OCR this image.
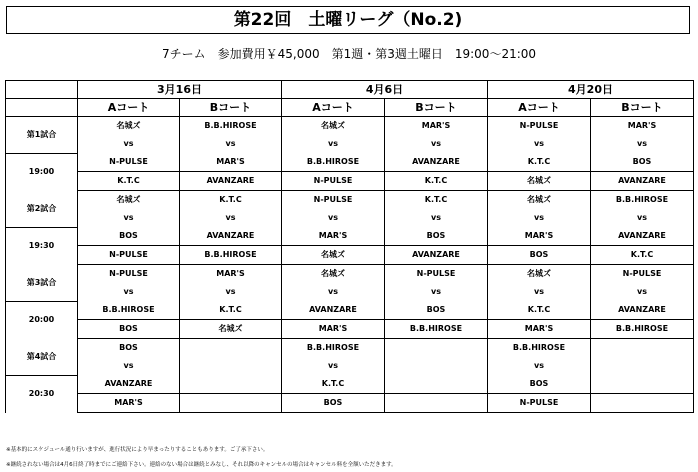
第22回　土曜リーグ（No.2)
7チーム　参加費用￥45,000　第1週・第3週土曜日　19:00～21:00
	3月16日		4月6日		4月20日	
	Aコート	Bコート	Aコート	Bコート	Aコート	Bコート
第1試合	名城ズ	B.B.HIROSE	名城ズ	MAR'S	N-PULSE	MAR'S
	vs	vs	vs	vs	vs	vs
19:00	N-PULSE	MAR'S	B.B.HIROSE	AVANZARE	K.T.C	BOS
	K.T.C	AVANZARE	N-PULSE	K.T.C	名城ズ	AVANZARE
第2試合	名城ズ	K.T.C	N-PULSE	K.T.C	名城ズ	B.B.HIROSE
	vs	vs	vs	vs	vs	vs
19:30	BOS	AVANZARE	MAR'S	BOS	MAR'S	AVANZARE
	N-PULSE	B.B.HIROSE	名城ズ	AVANZARE	BOS	K.T.C
第3試合	N-PULSE	MAR'S	名城ズ	N-PULSE	名城ズ	N-PULSE
	vs	vs	vs	vs	vs	vs
20:00	B.B.HIROSE	K.T.C	AVANZARE	BOS	K.T.C	AVANZARE
	BOS	名城ズ	MAR'S	B.B.HIROSE	MAR'S	B.B.HIROSE
第4試合	BOS		B.B.HIROSE		B.B.HIROSE	
	vs		vs		vs	
20:30	AVANZARE		K.T.C		BOS	
	MAR'S		BOS		N-PULSE	
※基本的にスケジュール通り行いますが、進行状況により早まったりすることもあります。ご了承下さい。
※継続されない場合は4月6日終了時までにご連絡下さい。連絡のない場合は継続とみなし、それ以降のキャンセルの場合はキャンセル料を全額いただきます。
